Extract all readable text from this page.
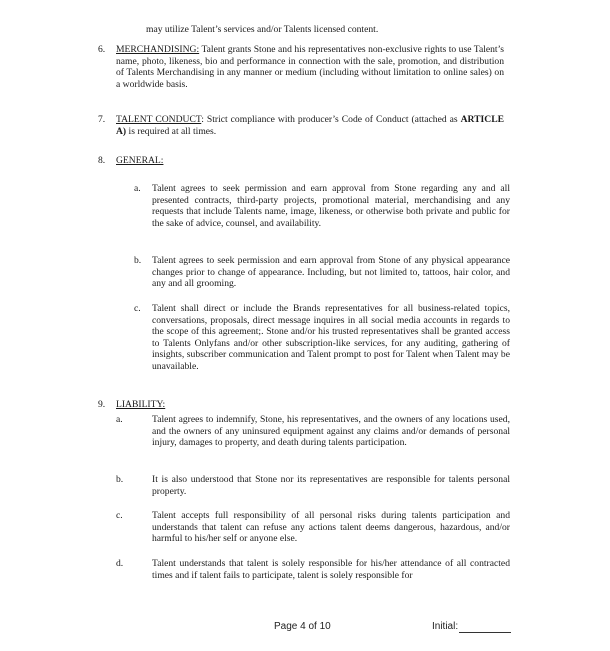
may utilize Talent’s services and/or Talents licensed content.

6. MERCHANDISING: Talent grants Stone and his representatives non-exclusive rights to use Talent’s name, photo, likeness, bio and performance in connection with the sale, promotion, and distribution of Talents Merchandising in any manner or medium (including without limitation to online sales) on a worldwide basis.

7. TALENT CONDUCT: Strict compliance with producer’s Code of Conduct (attached as ARTICLE A) is required at all times.

8. GENERAL:
a. Talent agrees to seek permission and earn approval from Stone regarding any and all presented contracts, third-party projects, promotional material, merchandising and any requests that include Talents name, image, likeness, or otherwise both private and public for the sake of advice, counsel, and availability.

b. Talent agrees to seek permission and earn approval from Stone of any physical appearance changes prior to change of appearance. Including, but not limited to, tattoos, hair color, and any and all grooming.

c. Talent shall direct or include the Brands representatives for all business-related topics, conversations, proposals, direct message inquires in all social media accounts in regards to the scope of this agreement;. Stone and/or his trusted representatives shall be granted access to Talents Onlyfans and/or other subscription-like services, for any auditing, gathering of insights, subscriber communication and Talent prompt to post for Talent when Talent may be unavailable.

9. LIABILITY:
a.	Talent agrees to indemnify, Stone, his representatives, and the owners of any locations used, and the owners of any uninsured equipment against any claims and/or demands of personal injury, damages to property, and death during talents participation.

b.	It is also understood that Stone nor its representatives are responsible for talents personal property.

c.	Talent accepts full responsibility of all personal risks during talents participation and understands that talent can refuse any actions talent deems dangerous, hazardous, and/or harmful to his/her self or anyone else.

d.	Talent understands that talent is solely responsible for his/her attendance of all contracted times and if talent fails to participate, talent is solely responsible for

Page 4 of 10	Initial:
